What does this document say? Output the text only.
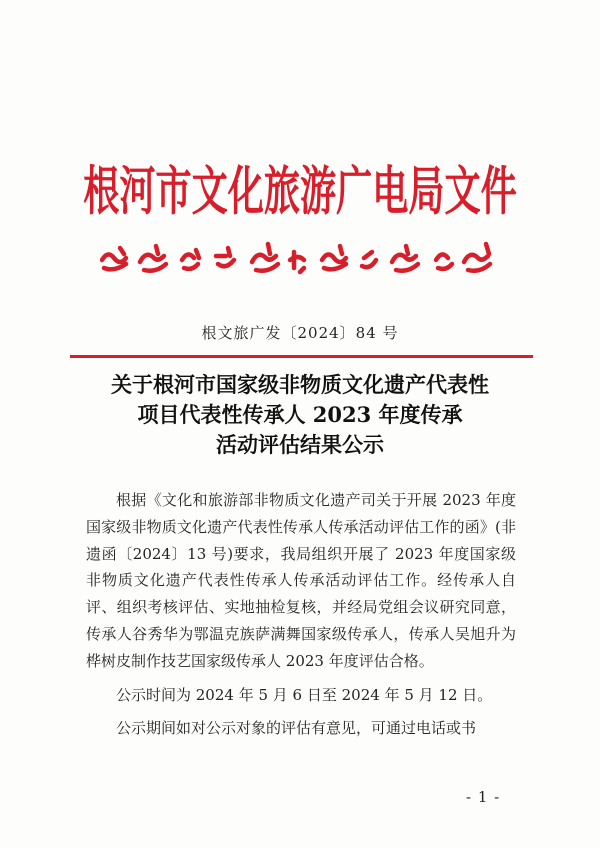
根河市文化旅游广电局文件
根文旅广发〔2024〕84 号
关于根河市国家级非物质文化遗产代表性
项目代表性传承人 2023 年度传承
活动评估结果公示

根据《文化和旅游部非物质文化遗产司关于开展 2023 年度国家级非物质文化遗产代表性传承人传承活动评估工作的函》(非遗函〔2024〕13 号)要求，我局组织开展了 2023 年度国家级非物质文化遗产代表性传承人传承活动评估工作。经传承人自评、组织考核评估、实地抽检复核，并经局党组会议研究同意，传承人谷秀华为鄂温克族萨满舞国家级传承人，传承人吴旭升为桦树皮制作技艺国家级传承人 2023 年度评估合格。

公示时间为 2024 年 5 月 6 日至 2024 年 5 月 12 日。

公示期间如对公示对象的评估有意见，可通过电话或书

- 1 -
